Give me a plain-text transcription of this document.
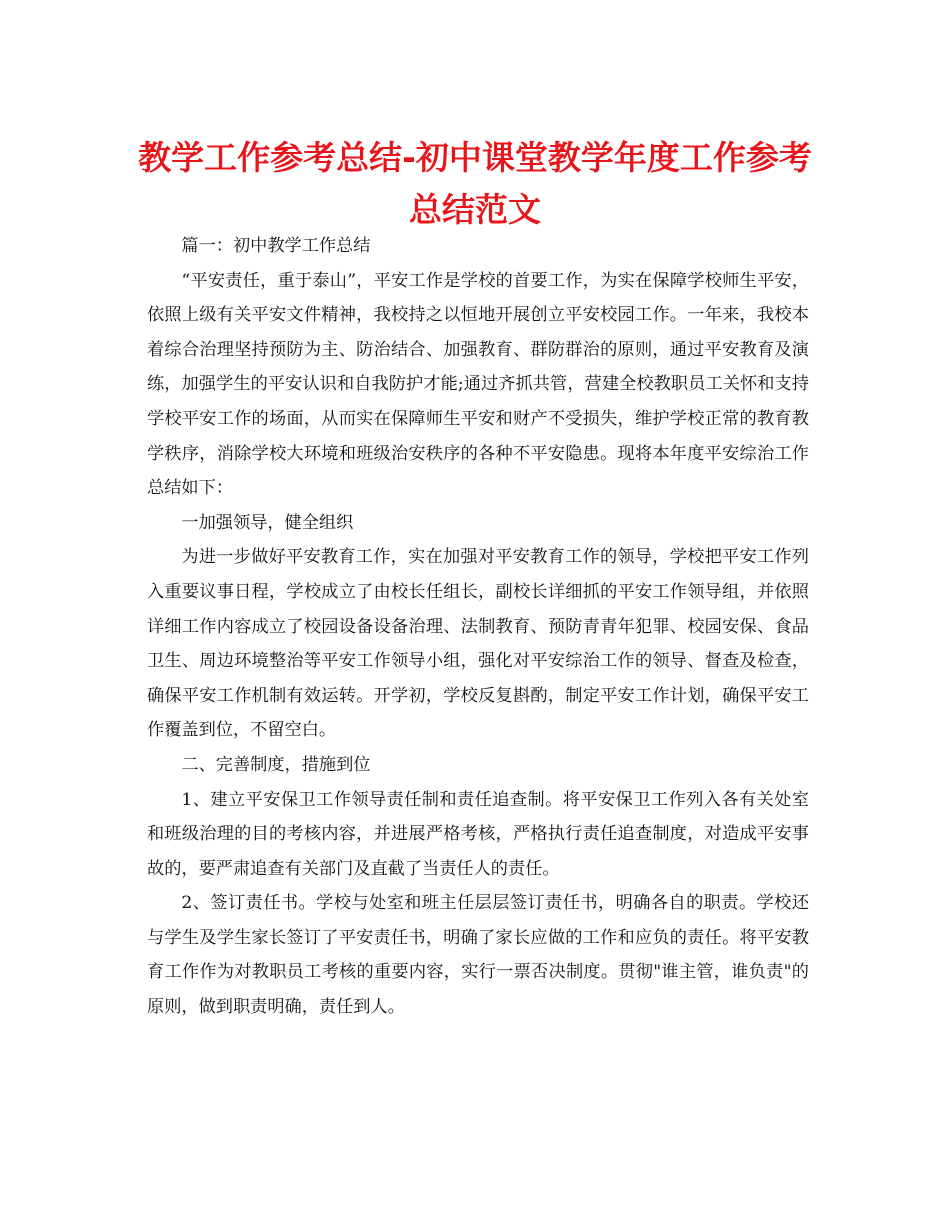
教学工作参考总结-初中课堂教学年度工作参考
总结范文

篇一：初中教学工作总结

“平安责任，重于泰山”，平安工作是学校的首要工作，为实在保障学校师生平安，依照上级有关平安文件精神，我校持之以恒地开展创立平安校园工作。一年来，我校本着综合治理坚持预防为主、防治结合、加强教育、群防群治的原则，通过平安教育及演练，加强学生的平安认识和自我防护才能;通过齐抓共管，营建全校教职员工关怀和支持学校平安工作的场面，从而实在保障师生平安和财产不受损失，维护学校正常的教育教学秩序，消除学校大环境和班级治安秩序的各种不平安隐患。现将本年度平安综治工作总结如下：

一加强领导，健全组织

为进一步做好平安教育工作，实在加强对平安教育工作的领导，学校把平安工作列入重要议事日程，学校成立了由校长任组长，副校长详细抓的平安工作领导组，并依照详细工作内容成立了校园设备设备治理、法制教育、预防青青年犯罪、校园安保、食品卫生、周边环境整治等平安工作领导小组，强化对平安综治工作的领导、督查及检查，确保平安工作机制有效运转。开学初，学校反复斟酌，制定平安工作计划，确保平安工作覆盖到位，不留空白。

二、完善制度，措施到位

1、建立平安保卫工作领导责任制和责任追查制。将平安保卫工作列入各有关处室和班级治理的目的考核内容，并进展严格考核，严格执行责任追查制度，对造成平安事故的，要严肃追查有关部门及直截了当责任人的责任。

2、签订责任书。学校与处室和班主任层层签订责任书，明确各自的职责。学校还与学生及学生家长签订了平安责任书，明确了家长应做的工作和应负的责任。将平安教育工作作为对教职员工考核的重要内容，实行一票否决制度。贯彻"谁主管，谁负责"的原则，做到职责明确，责任到人。
